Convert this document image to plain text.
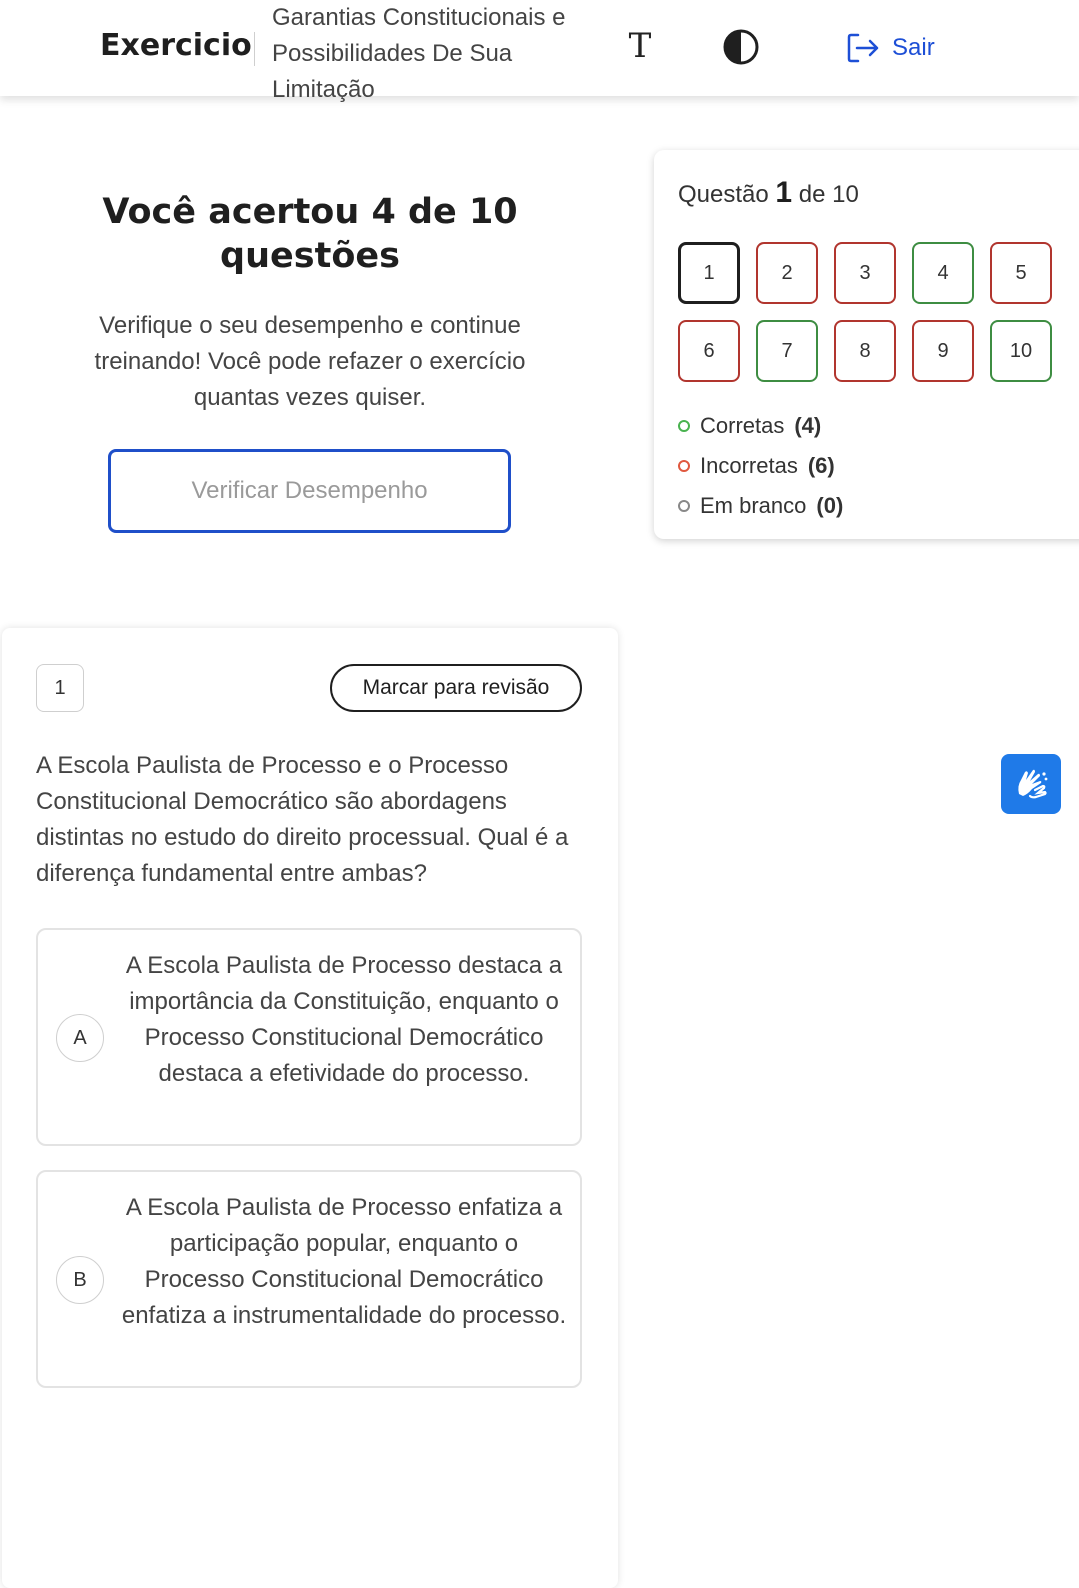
Exercicio
Garantias Constitucionais e
Possibilidades De Sua
Limitação
T	Sair
Você acertou 4 de 10
questões

Verifique o seu desempenho e continue
treinando! Você pode refazer o exercício
quantas vezes quiser.

Verificar Desempenho
Questão 1 de 10
1	2	3	4	5
6	7	8	9	10
Corretas (4)
Incorretas (6)
Em branco (0)
1	Marcar para revisão
A Escola Paulista de Processo e o Processo Constitucional Democrático são abordagens distintas no estudo do direito processual. Qual é a diferença fundamental entre ambas?
A
A Escola Paulista de Processo destaca a importância da Constituição, enquanto o Processo Constitucional Democrático destaca a efetividade do processo.
B
A Escola Paulista de Processo enfatiza a participação popular, enquanto o Processo Constitucional Democrático enfatiza a instrumentalidade do processo.
